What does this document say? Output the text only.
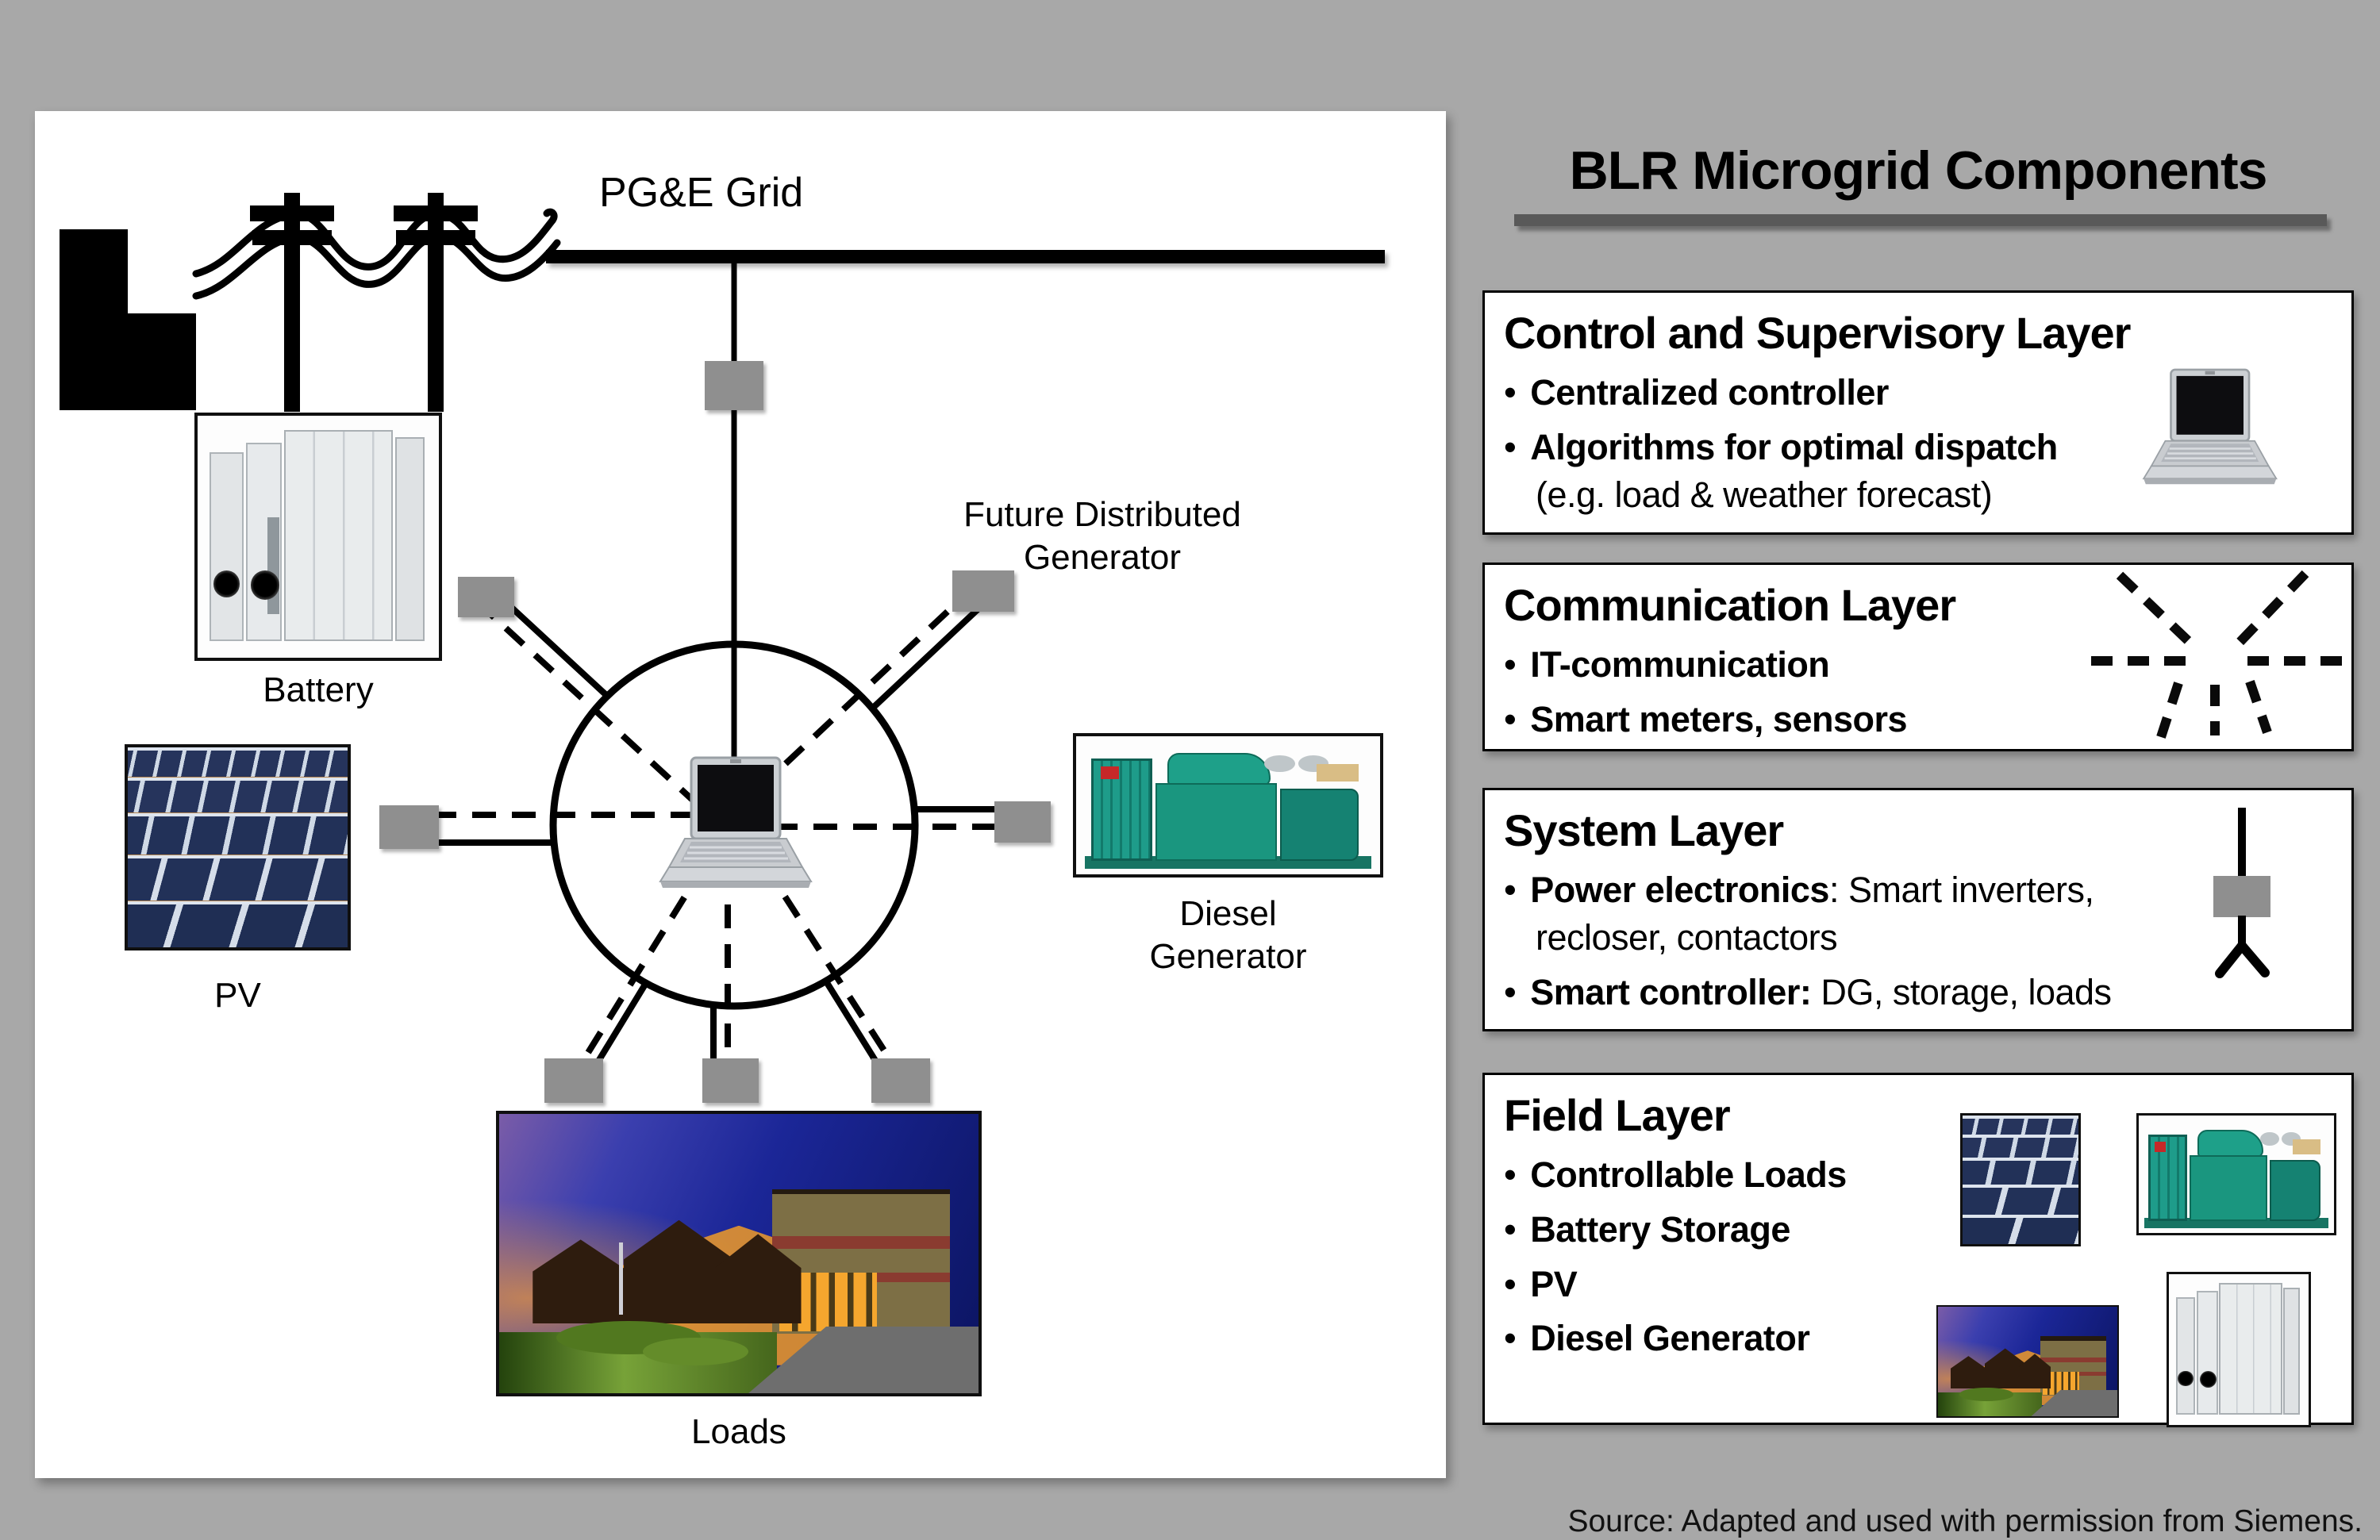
PG&E Grid
Battery
PV
Future Distributed
Generator
Diesel
Generator
Loads
BLR Microgrid Components
Control and Supervisory Layer
• Centralized controller
• Algorithms for optimal dispatch
(e.g. load & weather forecast)
Communication Layer
• IT-communication
• Smart meters, sensors
System Layer
• Power electronics: Smart inverters,
recloser, contactors
• Smart controller: DG, storage, loads
Field Layer
• Controllable Loads
• Battery Storage
• PV
• Diesel Generator
Source: Adapted and used with permission from Siemens.
